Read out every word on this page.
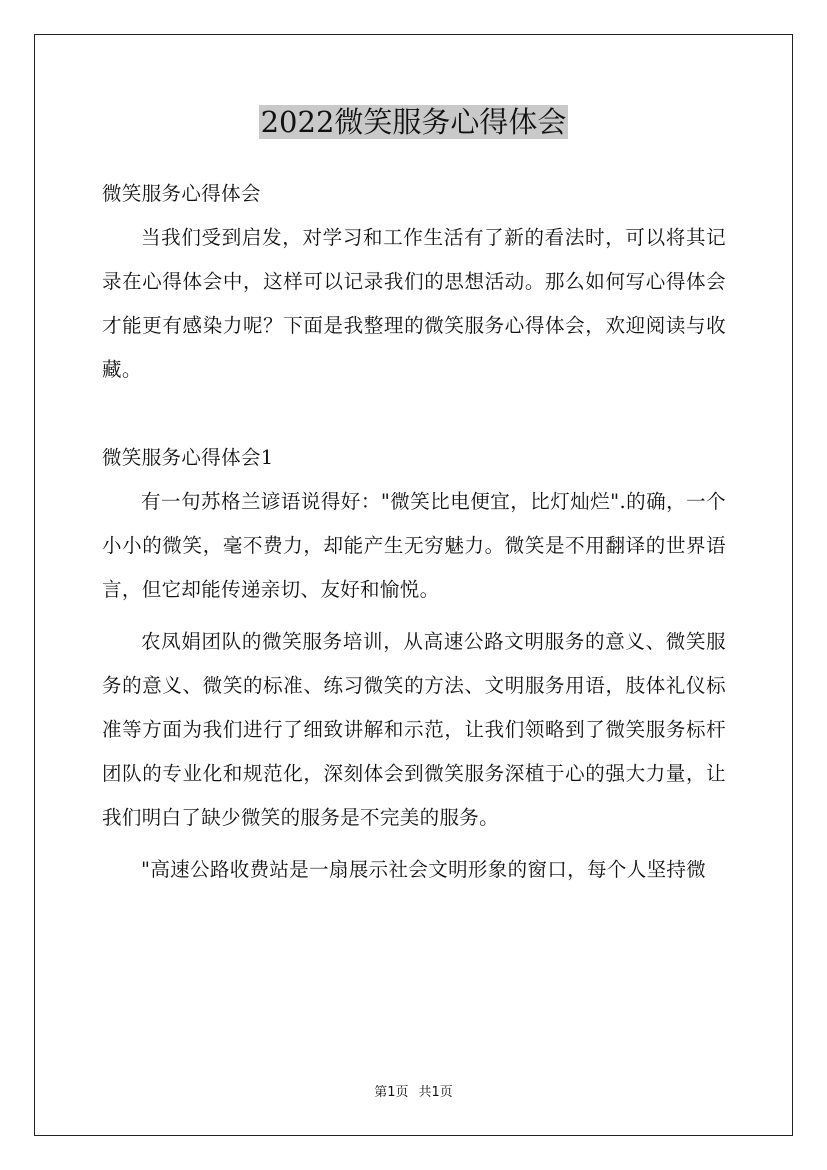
2022微笑服务心得体会

微笑服务心得体会

当我们受到启发，对学习和工作生活有了新的看法时，可以将其记录在心得体会中，这样可以记录我们的思想活动。那么如何写心得体会才能更有感染力呢？下面是我整理的微笑服务心得体会，欢迎阅读与收藏。

微笑服务心得体会1

有一句苏格兰谚语说得好："微笑比电便宜，比灯灿烂".的确，一个小小的微笑，毫不费力，却能产生无穷魅力。微笑是不用翻译的世界语言，但它却能传递亲切、友好和愉悦。

农凤娟团队的微笑服务培训，从高速公路文明服务的意义、微笑服务的意义、微笑的标准、练习微笑的方法、文明服务用语，肢体礼仪标准等方面为我们进行了细致讲解和示范，让我们领略到了微笑服务标杆团队的专业化和规范化，深刻体会到微笑服务深植于心的强大力量，让我们明白了缺少微笑的服务是不完美的服务。

"高速公路收费站是一扇展示社会文明形象的窗口，每个人坚持微

第1页 共1页
